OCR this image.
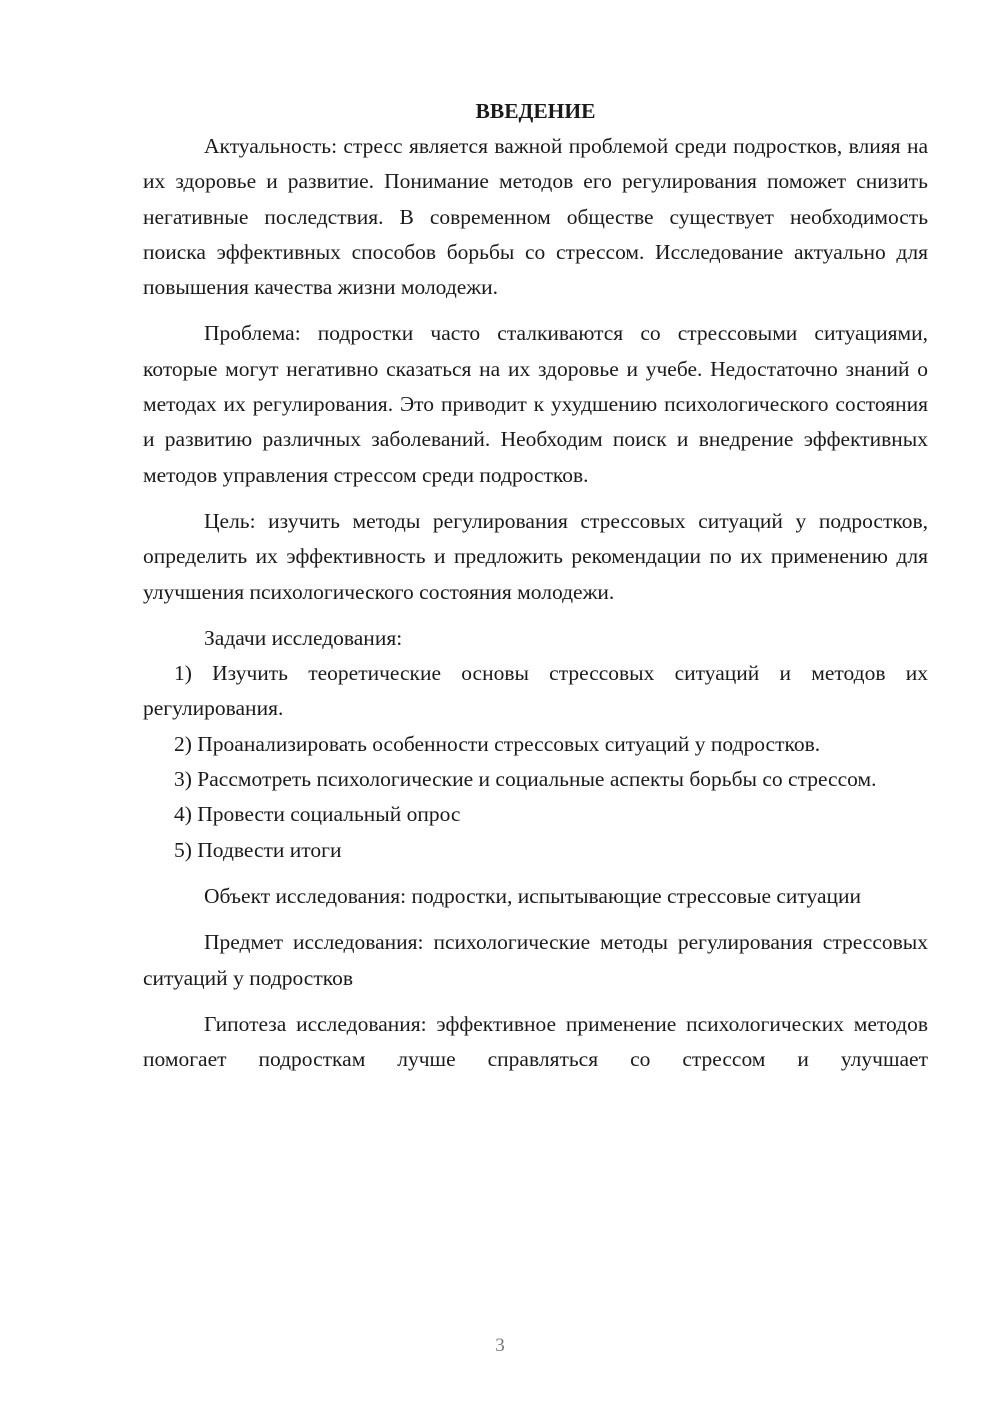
ВВЕДЕНИЕ

Актуальность: стресс является важной проблемой среди подростков, влияя на их здоровье и развитие. Понимание методов его регулирования поможет снизить негативные последствия. В современном обществе существует необходимость поиска эффективных способов борьбы со стрессом. Исследование актуально для повышения качества жизни молодежи.

Проблема: подростки часто сталкиваются со стрессовыми ситуациями, которые могут негативно сказаться на их здоровье и учебе. Недостаточно знаний о методах их регулирования. Это приводит к ухудшению психологического состояния и развитию различных заболеваний. Необходим поиск и внедрение эффективных методов управления стрессом среди подростков.

Цель: изучить методы регулирования стрессовых ситуаций у подростков, определить их эффективность и предложить рекомендации по их применению для улучшения психологического состояния молодежи.

Задачи исследования:

1) Изучить теоретические основы стрессовых ситуаций и методов их регулирования.

2) Проанализировать особенности стрессовых ситуаций у подростков.

3) Рассмотреть психологические и социальные аспекты борьбы со стрессом.

4) Провести социальный опрос

5) Подвести итоги

Объект исследования: подростки, испытывающие стрессовые ситуации

Предмет исследования: психологические методы регулирования стрессовых ситуаций у подростков

Гипотеза исследования: эффективное применение психологических методов помогает подросткам лучше справляться со стрессом и улучшает

3
